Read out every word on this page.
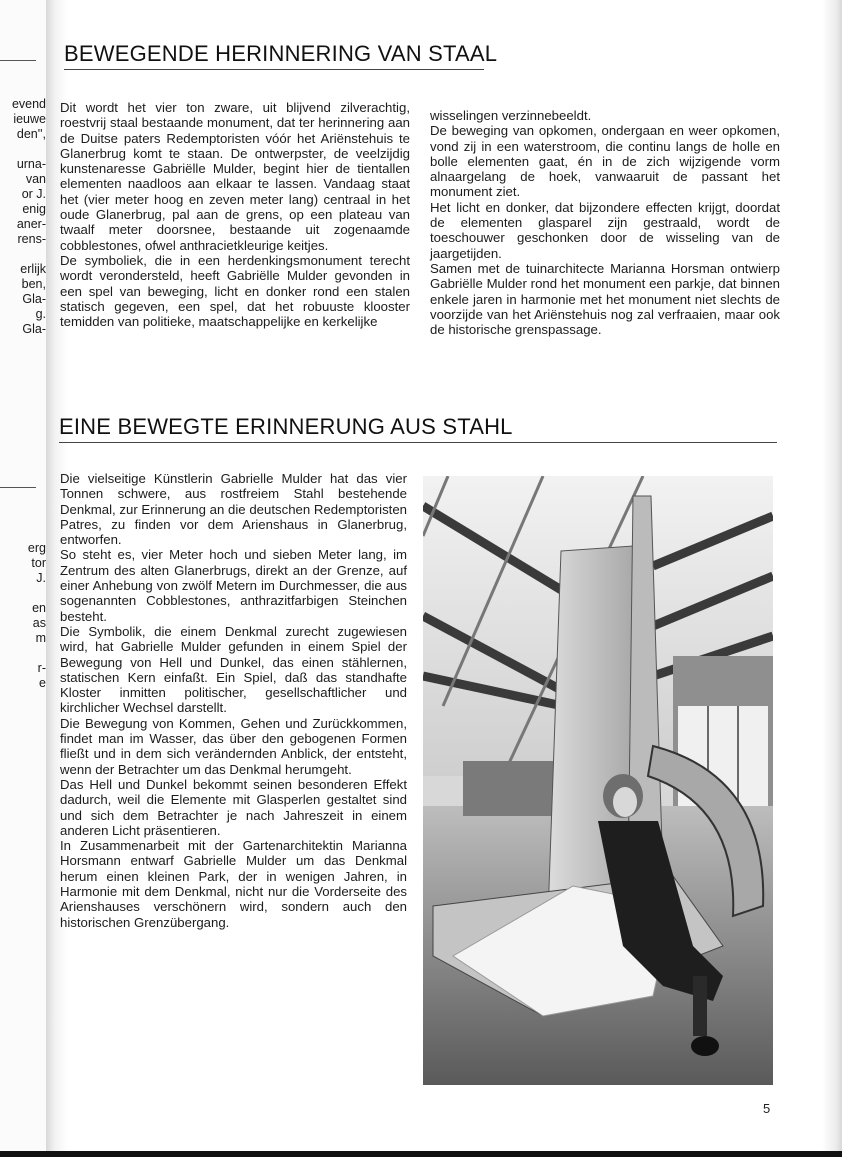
evend
ieuwe
den'',

urna-
van
or J.
enig
aner-
rens-

erlijk
ben,
Gla-
g.
Gla-
erg
tor
J.

en
as
m

r-
e
BEWEGENDE HERINNERING VAN STAAL

Dit wordt het vier ton zware, uit blijvend zilverachtig, roestvrij staal bestaande monument, dat ter herinnering aan de Duitse paters Redemptoristen vóór het Ariënstehuis te Glanerbrug komt te staan. De ontwerpster, de veelzijdig kunstenaresse Gabriëlle Mulder, begint hier de tientallen elementen naadloos aan elkaar te lassen. Vandaag staat het (vier meter hoog en zeven meter lang) centraal in het oude Glanerbrug, pal aan de grens, op een plateau van twaalf meter doorsnee, bestaande uit zogenaamde cobblestones, ofwel anthracietkleurige keitjes.

De symboliek, die in een herdenkingsmonument terecht wordt verondersteld, heeft Gabriëlle Mulder gevonden in een spel van beweging, licht en donker rond een stalen statisch gegeven, een spel, dat het robuuste klooster temidden van politieke, maatschappelijke en kerkelijke

wisselingen verzinnebeeldt.

De beweging van opkomen, ondergaan en weer opkomen, vond zij in een waterstroom, die continu langs de holle en bolle elementen gaat, én in de zich wijzigende vorm alnaargelang de hoek, vanwaaruit de passant het monument ziet.

Het licht en donker, dat bijzondere effecten krijgt, doordat de elementen glasparel zijn gestraald, wordt de toeschouwer geschonken door de wisseling van de jaargetijden.

Samen met de tuinarchitecte Marianna Horsman ontwierp Gabriëlle Mulder rond het monument een parkje, dat binnen enkele jaren in harmonie met het monument niet slechts de voorzijde van het Ariënstehuis nog zal verfraaien, maar ook de historische grenspassage.

EINE BEWEGTE ERINNERUNG AUS STAHL

Die vielseitige Künstlerin Gabrielle Mulder hat das vier Tonnen schwere, aus rostfreiem Stahl bestehende Denkmal, zur Erinnerung an die deutschen Redemptoristen Patres, zu finden vor dem Arienshaus in Glanerbrug, entworfen.

So steht es, vier Meter hoch und sieben Meter lang, im Zentrum des alten Glanerbrugs, direkt an der Grenze, auf einer Anhebung von zwölf Metern im Durchmesser, die aus sogenannten Cobblestones, anthrazitfarbigen Steinchen besteht.

Die Symbolik, die einem Denkmal zurecht zugewiesen wird, hat Gabrielle Mulder gefunden in einem Spiel der Bewegung von Hell und Dunkel, das einen stählernen, statischen Kern einfaßt. Ein Spiel, daß das standhafte Kloster inmitten politischer, gesellschaftlicher und kirchlicher Wechsel darstellt.

Die Bewegung von Kommen, Gehen und Zurückkommen, findet man im Wasser, das über den gebogenen Formen fließt und in dem sich verändernden Anblick, der entsteht, wenn der Betrachter um das Denkmal herumgeht.

Das Hell und Dunkel bekommt seinen besonderen Effekt dadurch, weil die Elemente mit Glasperlen gestaltet sind und sich dem Betrachter je nach Jahreszeit in einem anderen Licht präsentieren.

In Zusammenarbeit mit der Gartenarchitektin Marianna Horsmann entwarf Gabrielle Mulder um das Denkmal herum einen kleinen Park, der in wenigen Jahren, in Harmonie mit dem Denkmal, nicht nur die Vorderseite des Arienshauses verschönern wird, sondern auch den historischen Grenzübergang.

5
